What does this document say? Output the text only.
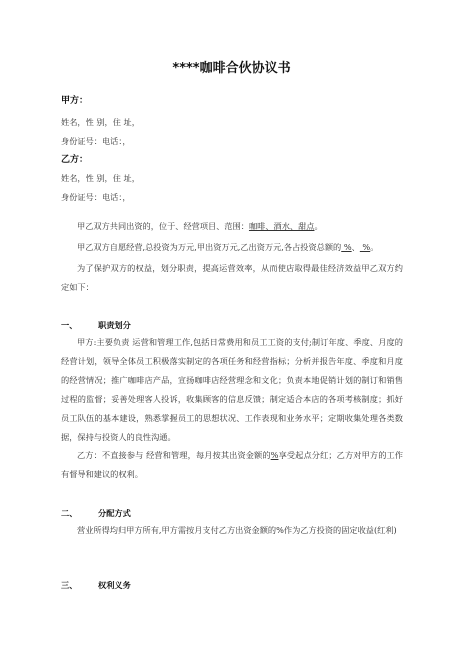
****咖啡合伙协议书
甲方：
姓名，性 别，住 址，
身份证号：电话：，
乙方：
姓名，性 别，住 址，
身份证号：电话：，
甲乙双方共同出资的，位于、经营项目、范围：咖啡、酒水、甜点。
甲乙双方自愿经营,总投资为万元,甲出资万元,乙出资万元,各占投资总额的 %、 %。
为了保护双方的权益，划分职责，提高运营效率，从而使店取得最佳经济效益甲乙双方约定如下：
一、	职责划分
甲方:主要负责 运营和管理工作,包括日常费用和员工工资的支付;制订年度、季度、月度的经营计划，领导全体员工积极落实制定的各项任务和经营指标；分析并报告年度、季度和月度的经营情况；推广咖啡店产品，宣扬咖啡店经营理念和文化；负责本地促销计划的制订和销售过程的监督；妥善处理客人投诉，收集顾客的信息反馈；制定适合本店的各项考核制度；抓好员工队伍的基本建设，熟悉掌握员工的思想状况、工作表现和业务水平；定期收集处理各类数据，保持与投资人的良性沟通。
乙方：不直接参与 经营和管理，每月按其出资金额的%享受起点分红；乙方对甲方的工作有督导和建议的权利。
二、	分配方式
营业所得均归甲方所有,甲方需按月支付乙方出资金额的%作为乙方投资的固定收益(红利)
三、	权利义务
